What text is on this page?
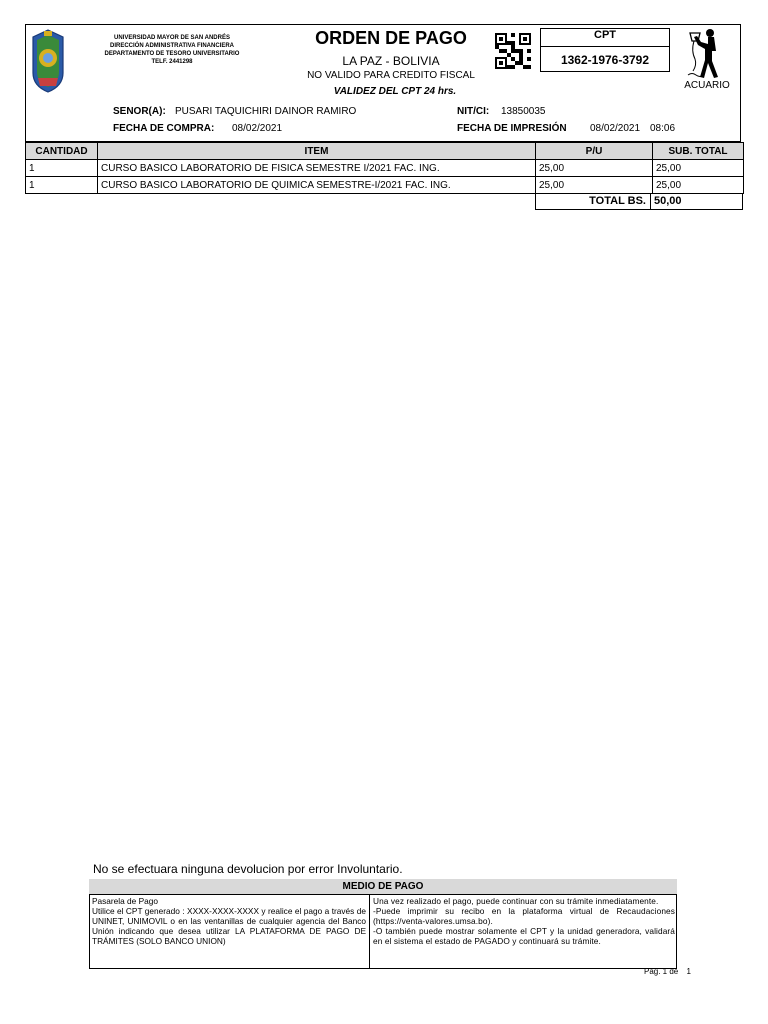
UNIVERSIDAD MAYOR DE SAN ANDRÉS
DIRECCIÓN ADMINISTRATIVA FINANCIERA
DEPARTAMENTO DE TESORO UNIVERSITARIO
TELF. 2441298
ORDEN DE PAGO
LA PAZ - BOLIVIA
NO VALIDO PARA CREDITO FISCAL
VALIDEZ DEL CPT 24 hrs.
CPT
1362-1976-3792
ACUARIO
SENOR(A): PUSARI TAQUICHIRI DAINOR RAMIRO	NIT/CI: 13850035
FECHA DE COMPRA: 08/02/2021	FECHA DE IMPRESIÓN 08/02/2021 08:06
CANTIDAD	ITEM	P/U	SUB. TOTAL
1	CURSO BASICO LABORATORIO DE FISICA SEMESTRE I/2021 FAC. ING.	25,00	25,00
1	CURSO BASICO LABORATORIO DE QUIMICA SEMESTRE-I/2021 FAC. ING.	25,00	25,00
TOTAL BS. 50,00
No se efectuara ninguna devolucion por error Involuntario.
MEDIO DE PAGO
Pasarela de Pago
Utilice el CPT generado : XXXX-XXXX-XXXX y realice el pago a través de UNINET, UNIMOVIL o en las ventanillas de cualquier agencia del Banco Unión indicando que desea utilizar LA PLATAFORMA DE PAGO DE TRÁMITES (SOLO BANCO UNION)
Una vez realizado el pago, puede continuar con su trámite inmediatamente.
-Puede imprimir su recibo en la plataforma virtual de Recaudaciones (https://venta-valores.umsa.bo).
-O también puede mostrar solamente el CPT y la unidad generadora, validará en el sistema el estado de PAGADO y continuará su trámite.
Pag. 1 de 1
